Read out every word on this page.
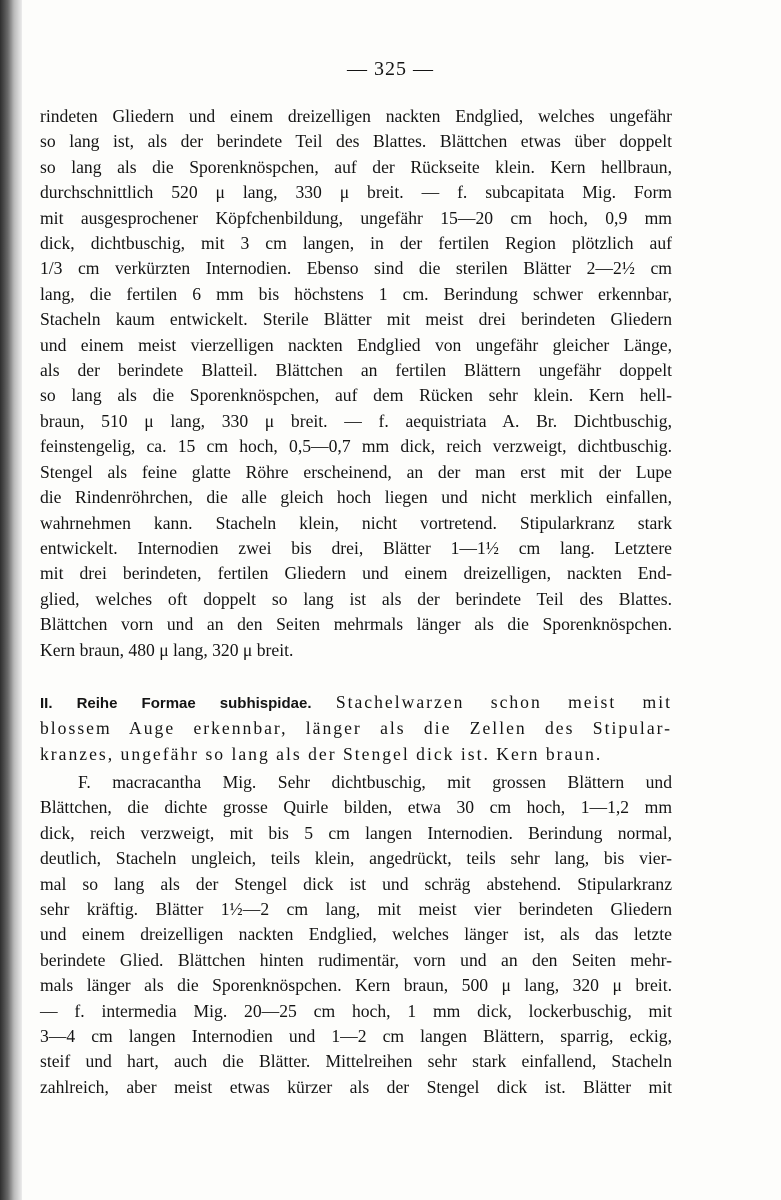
— 325 —
rindeten Gliedern und einem dreizelligen nackten Endglied, welches ungefähr
so lang ist, als der berindete Teil des Blattes. Blättchen etwas über doppelt
so lang als die Sporenknöspchen, auf der Rückseite klein. Kern hellbraun,
durchschnittlich 520 μ lang, 330 μ breit. — f. subcapitata Mig. Form
mit ausgesprochener Köpfchenbildung, ungefähr 15—20 cm hoch, 0,9 mm
dick, dichtbuschig, mit 3 cm langen, in der fertilen Region plötzlich auf
1/3 cm verkürzten Internodien. Ebenso sind die sterilen Blätter 2—2½ cm
lang, die fertilen 6 mm bis höchstens 1 cm. Berindung schwer erkennbar,
Stacheln kaum entwickelt. Sterile Blätter mit meist drei berindeten Gliedern
und einem meist vierzelligen nackten Endglied von ungefähr gleicher Länge,
als der berindete Blatteil. Blättchen an fertilen Blättern ungefähr doppelt
so lang als die Sporenknöspchen, auf dem Rücken sehr klein. Kern hell-
braun, 510 μ lang, 330 μ breit. — f. aequistriata A. Br. Dichtbuschig,
feinstengelig, ca. 15 cm hoch, 0,5—0,7 mm dick, reich verzweigt, dichtbuschig.
Stengel als feine glatte Röhre erscheinend, an der man erst mit der Lupe
die Rindenröhrchen, die alle gleich hoch liegen und nicht merklich einfallen,
wahrnehmen kann. Stacheln klein, nicht vortretend. Stipularkranz stark
entwickelt. Internodien zwei bis drei, Blätter 1—1½ cm lang. Letztere
mit drei berindeten, fertilen Gliedern und einem dreizelligen, nackten End-
glied, welches oft doppelt so lang ist als der berindete Teil des Blattes.
Blättchen vorn und an den Seiten mehrmals länger als die Sporenknöspchen.
Kern braun, 480 μ lang, 320 μ breit.
II. Reihe Formae subhispidae. Stachelwarzen schon meist mit
blossem Auge erkennbar, länger als die Zellen des Stipular-
kranzes, ungefähr so lang als der Stengel dick ist. Kern braun.
F. macracantha Mig. Sehr dichtbuschig, mit grossen Blättern und
Blättchen, die dichte grosse Quirle bilden, etwa 30 cm hoch, 1—1,2 mm
dick, reich verzweigt, mit bis 5 cm langen Internodien. Berindung normal,
deutlich, Stacheln ungleich, teils klein, angedrückt, teils sehr lang, bis vier-
mal so lang als der Stengel dick ist und schräg abstehend. Stipularkranz
sehr kräftig. Blätter 1½—2 cm lang, mit meist vier berindeten Gliedern
und einem dreizelligen nackten Endglied, welches länger ist, als das letzte
berindete Glied. Blättchen hinten rudimentär, vorn und an den Seiten mehr-
mals länger als die Sporenknöspchen. Kern braun, 500 μ lang, 320 μ breit.
— f. intermedia Mig. 20—25 cm hoch, 1 mm dick, lockerbuschig, mit
3—4 cm langen Internodien und 1—2 cm langen Blättern, sparrig, eckig,
steif und hart, auch die Blätter. Mittelreihen sehr stark einfallend, Stacheln
zahlreich, aber meist etwas kürzer als der Stengel dick ist. Blätter mit
